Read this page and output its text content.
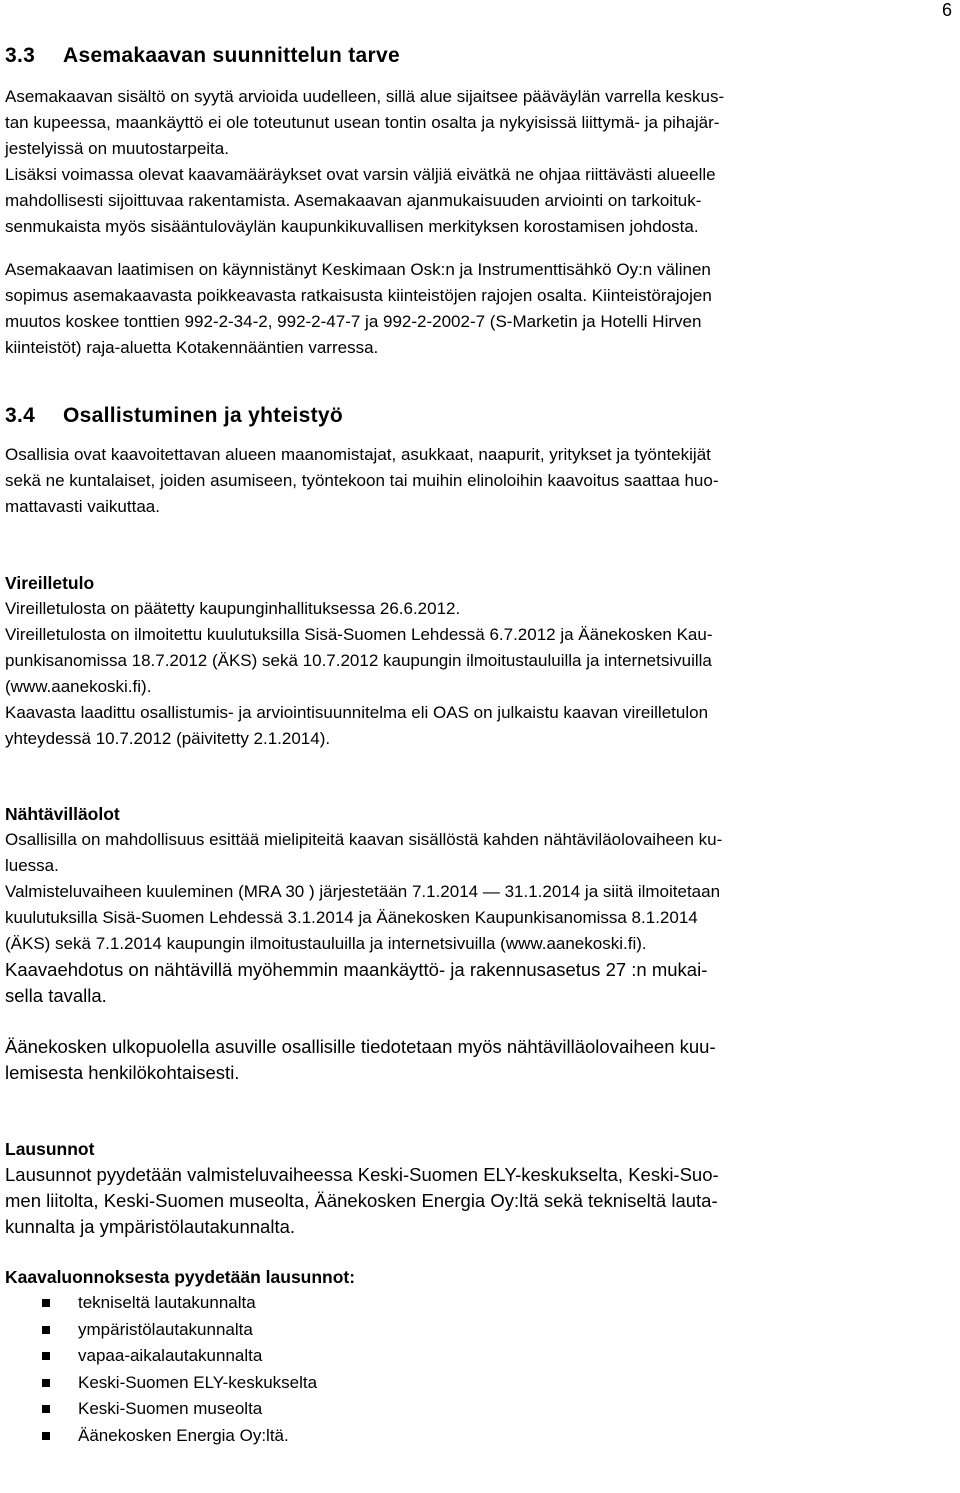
6
3.3 Asemakaavan suunnittelun tarve

Asemakaavan sisältö on syytä arvioida uudelleen, sillä alue sijaitsee pääväylän varrella keskus-

tan kupeessa, maankäyttö ei ole toteutunut usean tontin osalta ja nykyisissä liittymä- ja pihajär-

jestelyissä on muutostarpeita.

Lisäksi voimassa olevat kaavamääräykset ovat varsin väljiä eivätkä ne ohjaa riittävästi alueelle

mahdollisesti sijoittuvaa rakentamista. Asemakaavan ajanmukaisuuden arviointi on tarkoituk-

senmukaista myös sisääntuloväylän kaupunkikuvallisen merkityksen korostamisen johdosta.

Asemakaavan laatimisen on käynnistänyt Keskimaan Osk:n ja Instrumenttisähkö Oy:n välinen

sopimus asemakaavasta poikkeavasta ratkaisusta kiinteistöjen rajojen osalta. Kiinteistörajojen

muutos koskee tonttien 992-2-34-2, 992-2-47-7 ja 992-2-2002-7 (S-Marketin ja Hotelli Hirven

kiinteistöt) raja-aluetta Kotakennääntien varressa.

3.4 Osallistuminen ja yhteistyö

Osallisia ovat kaavoitettavan alueen maanomistajat, asukkaat, naapurit, yritykset ja työntekijät

sekä ne kuntalaiset, joiden asumiseen, työntekoon tai muihin elinoloihin kaavoitus saattaa huo-

mattavasti vaikuttaa.

Vireilletulo

Vireilletulosta on päätetty kaupunginhallituksessa 26.6.2012.

Vireilletulosta on ilmoitettu kuulutuksilla Sisä-Suomen Lehdessä 6.7.2012 ja Äänekosken Kau-

punkisanomissa 18.7.2012 (ÄKS) sekä 10.7.2012 kaupungin ilmoitustauluilla ja internetsivuilla

(www.aanekoski.fi).

Kaavasta laadittu osallistumis- ja arviointisuunnitelma eli OAS on julkaistu kaavan vireilletulon

yhteydessä 10.7.2012 (päivitetty 2.1.2014).

Nähtävilläolot

Osallisilla on mahdollisuus esittää mielipiteitä kaavan sisällöstä kahden nähtäviläolovaiheen ku-

luessa.

Valmisteluvaiheen kuuleminen (MRA 30 ) järjestetään 7.1.2014 — 31.1.2014 ja siitä ilmoitetaan

kuulutuksilla Sisä-Suomen Lehdessä 3.1.2014 ja Äänekosken Kaupunkisanomissa 8.1.2014

(ÄKS) sekä 7.1.2014 kaupungin ilmoitustauluilla ja internetsivuilla (www.aanekoski.fi).

Kaavaehdotus on nähtävillä myöhemmin maankäyttö- ja rakennusasetus 27 :n mukai-

sella tavalla.

Äänekosken ulkopuolella asuville osallisille tiedotetaan myös nähtävilläolovaiheen kuu-

lemisesta henkilökohtaisesti.

Lausunnot

Lausunnot pyydetään valmisteluvaiheessa Keski-Suomen ELY-keskukselta, Keski-Suo-

men liitolta, Keski-Suomen museolta, Äänekosken Energia Oy:ltä sekä tekniseltä lauta-

kunnalta ja ympäristölautakunnalta.

Kaavaluonnoksesta pyydetään lausunnot:

tekniseltä lautakunnalta
ympäristölautakunnalta
vapaa-aikalautakunnalta
Keski-Suomen ELY-keskukselta
Keski-Suomen museolta
Äänekosken Energia Oy:ltä.
